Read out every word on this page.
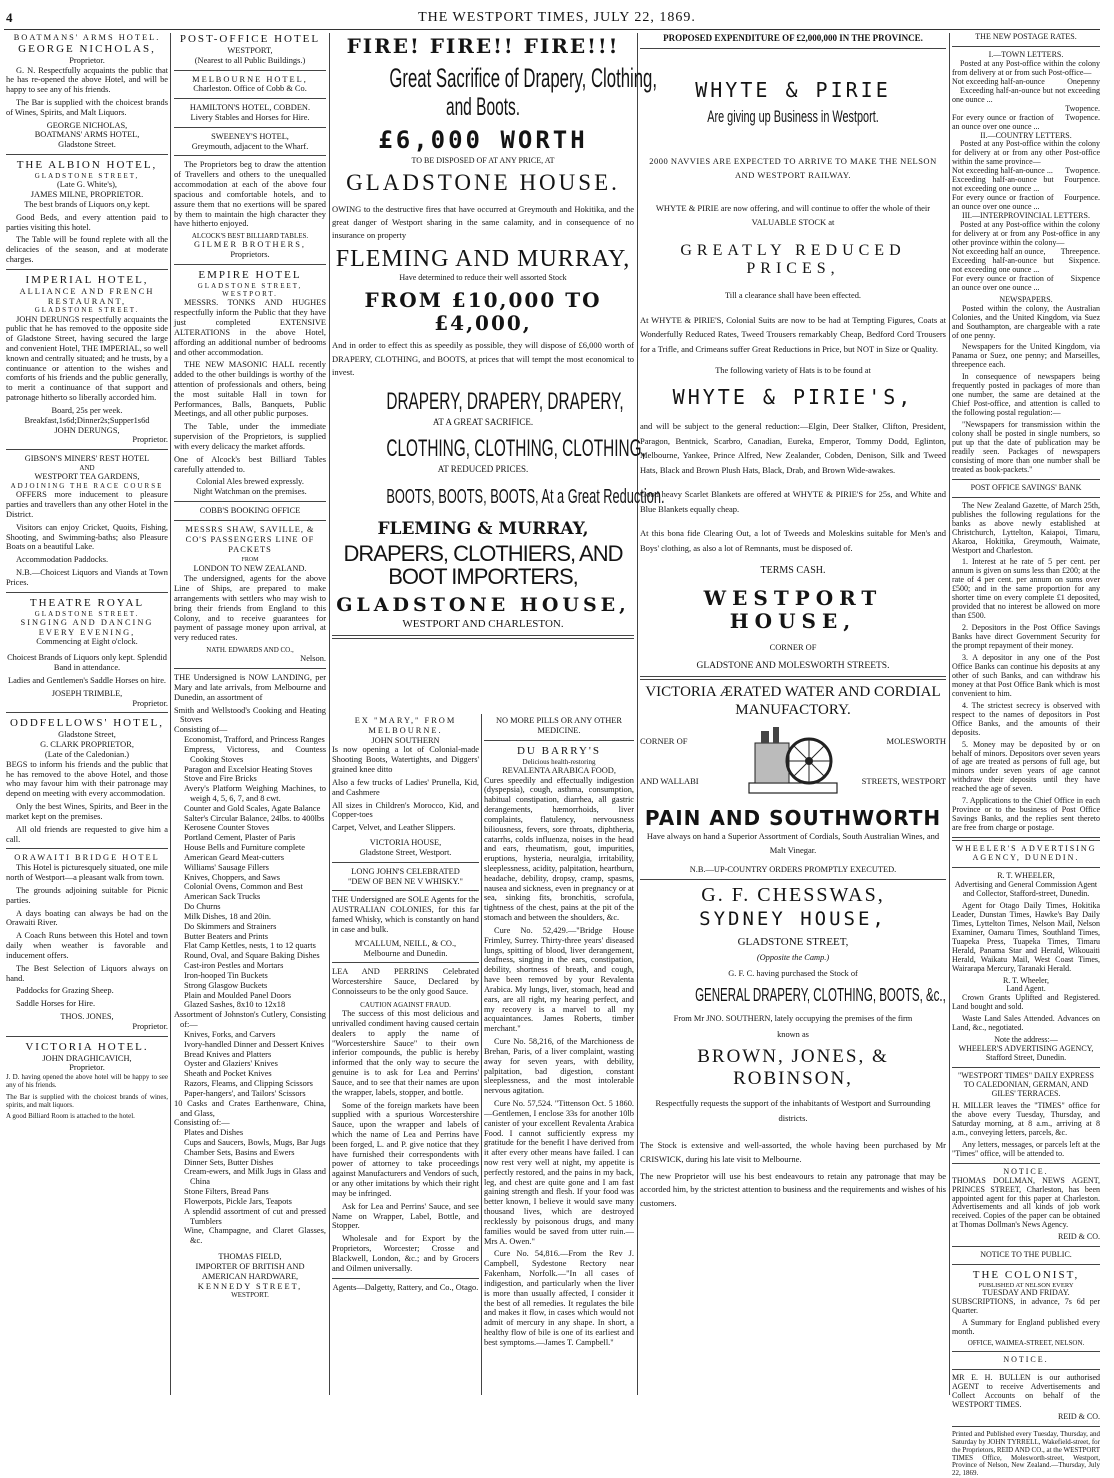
4	THE WESTPORT TIMES, JULY 22, 1869.
BOATMANS' ARMS HOTEL.
GEORGE NICHOLAS,
Proprietor.

G. N. Respectfully acquaints the public that he has re-opened the above Hotel, and will be happy to see any of his friends.

The Bar is supplied with the choicest brands of Wines, Spirits, and Malt Liquors.

GEORGE NICHOLAS,
BOATMANS' ARMS HOTEL,
Gladstone Street.
THE ALBION HOTEL,
GLADSTONE STREET,
(Late G. White's),
JAMES MILNE, PROPRIETOR.

The best brands of Liquors on,y kept.

Good Beds, and every attention paid to parties visiting this hotel.

The Table will be found replete with all the delicacies of the season, and at moderate charges.

IMPERIAL HOTEL,
ALLIANCE AND FRENCH
RESTAURANT,
GLADSTONE STREET.

JOHN DERUNGS respectfully acquaints the public that he has removed to the opposite side of Gladstone Street, having secured the large and convenient Hotel, THE IMPERIAL, so well known and centrally situated; and he trusts, by a continuance or attention to the wishes and comforts of his friends and the public generally, to merit a continuance of that support and patronage hitherto so liberally accorded him.

Board, 25s per week.
Breakfast,1s6d;Dinner2s;Supper1s6d
JOHN DERUNGS,
Proprietor.
GIBSON'S MINERS' REST HOTEL
AND
WESTPORT TEA GARDENS,
ADJOINING THE RACE COURSE

OFFERS more inducement to pleasure parties and travellers than any other Hotel in the District.

Visitors can enjoy Cricket, Quoits, Fishing, Shooting, and Swimming-baths; also Pleasure Boats on a beautiful Lake.

Accommodation Paddocks.

N.B.—Choicest Liquors and Viands at Town Prices.

THEATRE ROYAL
GLADSTONE STREET.
SINGING AND DANCING
EVERY EVENING,
Commencing at Eight o'clock.

Choicest Brands of Liquors only kept. Splendid Band in attendance.

Ladies and Gentlemen's Saddle Horses on hire.

JOSEPH TRIMBLE,
Proprietor.
ODDFELLOWS' HOTEL,
Gladstone Street,
G. CLARK PROPRIETOR,
(Late of the Caledonian.)

BEGS to inform his friends and the public that he has removed to the above Hotel, and those who may favour him with their patronage may depend on meeting with every accommodation.

Only the best Wines, Spirits, and Beer in the market kept on the premises.

All old friends are requested to give him a call.

ORAWAITI BRIDGE HOTEL

This Hotel is picturesquely situated, one mile north of Westport—a pleasant walk from town.

The grounds adjoining suitable for Picnic parties.

A days boating can always be had on the Orawaiti River.

A Coach Runs between this Hotel and town daily when weather is favorable and inducement offers.

The Best Selection of Liquors always on hand.

Paddocks for Grazing Sheep.

Saddle Horses for Hire.

THOS. JONES,
Proprietor.
VICTORIA HOTEL.
JOHN DRAGHICAVICH,
Proprietor.

J. D. having opened the above hotel will be happy to see any of his friends.

The Bar is supplied with the choicest brands of wines, spirits, and malt liquors.

A good Billiard Room is attached to the hotel.

POST-OFFICE HOTEL
WESTPORT,
(Nearest to all Public Buildings.)
MELBOURNE HOTEL,
Charleston. Office of Cobb & Co.
HAMILTON'S HOTEL, COBDEN.
Livery Stables and Horses for Hire.
SWEENEY'S HOTEL,
Greymouth, adjacent to the Wharf.

The Proprietors beg to draw the attention of Travellers and others to the unequalled accommodation at each of the above four spacious and comfortable hotels, and to assure them that no exertions will be spared by them to maintain the high character they have hitherto enjoyed.

ALCOCK'S BEST BILLIARD TABLES.
GILMER BROTHERS,
Proprietors.
EMPIRE HOTEL
GLADSTONE STREET,
WESTPORT.

MESSRS. TONKS AND HUGHES respectfully inform the Public that they have just completed EXTENSIVE ALTERATIONS in the above Hotel, affording an additional number of bedrooms and other accommodation.

THE NEW MASONIC HALL recently added to the other buildings is worthy of the attention of professionals and others, being the most suitable Hall in town for Performances, Balls, Banquets, Public Meetings, and all other public purposes.

The Table, under the immediate supervision of the Proprietors, is supplied with every delicacy the market affords.

One of Alcock's best Billiard Tables carefully attended to.

Colonial Ales brewed expressly.
Night Watchman on the premises.
COBB'S BOOKING OFFICE

MESSRS SHAW, SAVILLE, & CO'S PASSENGERS LINE OF PACKETS

FROM
LONDON TO NEW ZEALAND.

The undersigned, agents for the above Line of Ships, are prepared to make arrangements with settlers who may wish to bring their friends from England to this Colony, and to receive guarantees for payment of passage money upon arrival, at very reduced rates.

NATH. EDWARDS AND CO.,
Nelson.

THE Undersigned is NOW LANDING, per Mary and late arrivals, from Melbourne and Dunedin, an assortment of

Smith and Wellstood's Cooking and Heating Stoves
Consisting of—
Economist, Trafford, and Princess Ranges
Empress, Victoress, and Countess Cooking Stoves
Paragon and Excelsior Heating Stoves
Stove and Fire Bricks
Avery's Platform Weighing Machines, to weigh 4, 5, 6, 7, and 8 cwt.
Counter and Gold Scales, Agate Balance
Salter's Circular Balance, 24lbs. to 400lbs
Kerosene Counter Stoves
Portland Cement, Plaster of Paris
House Bells and Furniture complete
American Geard Meat-cutters
Williams' Sausage Fillers
Knives, Choppers, and Saws
Colonial Ovens, Common and Best
American Sack Trucks
Do Churns
Milk Dishes, 18 and 20in.
Do Skimmers and Strainers
Butter Beaters and Prints
Flat Camp Kettles, nests, 1 to 12 quarts
Round, Oval, and Square Baking Dishes
Cast-iron Pestles and Mortars
Iron-hooped Tin Buckets
Strong Glasgow Buckets
Plain and Moulded Panel Doors
Glazed Sashes, 8x10 to 12x18
Assortment of Johnston's Cutlery, Consisting of:—
Knives, Forks, and Carvers
Ivory-handled Dinner and Dessert Knives
Bread Knives and Platters
Oyster and Glaziers' Knives
Sheath and Pocket Knives
Razors, Fleams, and Clipping Scissors
Paper-hangers', and Tailors' Scissors
10 Casks and Crates Earthenware, China, and Glass,
Consisting of:—
Plates and Dishes
Cups and Saucers, Bowls, Mugs, Bar Jugs
Chamber Sets, Basins and Ewers
Dinner Sets, Butter Dishes
Cream-ewers, and Milk Jugs in Glass and China
Stone Filters, Bread Pans
Flowerpots, Pickle Jars, Teapots
A splendid assortment of cut and pressed Tumblers
Wine, Champagne, and Claret Glasses, &c.
THOMAS FIELD,
IMPORTER OF BRITISH AND AMERICAN HARDWARE,
KENNEDY STREET,
WESTPORT.
FIRE! FIRE!! FIRE!!!
Great Sacrifice of Drapery, Clothing,
and Boots.
£6,000 WORTH
TO BE DISPOSED OF AT ANY PRICE, AT
GLADSTONE HOUSE.

OWING to the destructive fires that have occurred at Greymouth and Hokitika, and the great danger of Westport sharing in the same calamity, and in consequence of no insurance on property

FLEMING AND MURRAY,
Have determined to reduce their well assorted Stock
FROM £10,000 TO £4,000,

And in order to effect this as speedily as possible, they will dispose of £6,000 worth of DRAPERY, CLOTHING, and BOOTS, at prices that will tempt the most economical to invest.

DRAPERY, DRAPERY, DRAPERY,
AT A GREAT SACRIFICE.
CLOTHING, CLOTHING, CLOTHING,
AT REDUCED PRICES.
BOOTS, BOOTS, BOOTS, At a Great Reduction.
FLEMING & MURRAY,
DRAPERS, CLOTHIERS, AND BOOT IMPORTERS,
GLADSTONE HOUSE,
WESTPORT AND CHARLESTON.
EX "MARY," FROM MELBOURNE.
JOHN SOUTHERN

Is now opening a lot of Colonial-made Shooting Boots, Watertights, and Diggers' grained knee ditto

Also a few trucks of Ladies' Prunella, Kid, and Cashmere

All sizes in Children's Morocco, Kid, and Copper-toes

Carpet, Velvet, and Leather Slippers.

VICTORIA HOUSE,
Gladstone Street, Westport.
LONG JOHN'S CELEBRATED
"DEW OF BEN NE V WHISKY."

THE Undersigned are SOLE Agents for the AUSTRALIAN COLONIES, for this far famed Whisky, which is constantly on hand in case and bulk.

M'CALLUM, NEILL, & CO.,
Melbourne and Dunedin.

LEA AND PERRINS Celebrated Worcestershire Sauce, Declared by Connoisseurs to be the only good Sauce.

CAUTION AGAINST FRAUD.

The success of this most delicious and unrivalled condiment having caused certain dealers to apply the name of "Worcestershire Sauce" to their own inferior compounds, the public is hereby informed that the only way to secure the genuine is to ask for Lea and Perrins' Sauce, and to see that their names are upon the wrapper, labels, stopper, and bottle.

Some of the foreign markets have been supplied with a spurious Worcestershire Sauce, upon the wrapper and labels of which the name of Lea and Perrins have been forged, L. and P. give notice that they have furnished their correspondents with power of attorney to take proceedings against Manufacturers and Vendors of such, or any other imitations by which their right may be infringed.

Ask for Lea and Perrins' Sauce, and see Name on Wrapper, Label, Bottle, and Stopper.

Wholesale and for Export by the Proprietors, Worcester; Crosse and Blackwell, London, &c.; and by Grocers and Oilmen universally.

Agents—Dalgetty, Rattery, and Co., Otago.

NO MORE PILLS OR ANY OTHER MEDICINE.
DU BARRY'S
Delicious health-restoring
REVALENTA ARABICA FOOD,

Cures speedily and effectually indigestion (dyspepsia), cough, asthma, consumption, habitual constipation, diarrhea, all gastric derangements, hæmorrhoids, liver complaints, flatulency, nervousness biliousness, fevers, sore throats, diphtheria, catarrhs, colds influenza, noises in the head and ears, rheumatism, gout, impurities, eruptions, hysteria, neuralgia, irritability, sleeplessness, acidity, palpitation, heartburn, headache, debility, dropsy, cramp, spasms, nausea and sickness, even in pregnancy or at sea, sinking fits, bronchitis, scrofula, tightness of the chest, pains at the pit of the stomach and between the shoulders, &c.

Cure No. 52,429.—"Bridge House Frimley, Surrey. Thirty-three years' diseased lungs, spitting of blood, liver derangement, deafness, singing in the ears, constipation, debility, shortness of breath, and cough, have been removed by your Revalenta Arabica. My lungs, liver, stomach, head and ears, are all right, my hearing perfect, and my recovery is a marvel to all my acquaintances. James Roberts, timber merchant."

Cure No. 58,216, of the Marchioness de Brehan, Paris, of a liver complaint, wasting away for seven years, with debility, palpitation, bad digestion, constant sleeplessness, and the most intolerable nervous agitation.

Cure No. 57,524. "Tittenson Oct. 5 1860.—Gentlemen, I enclose 33s for another 10lb canister of your excellent Revalenta Arabica Food. I cannot sufficiently express my gratitude for the benefit I have derived from it after every other means have failed. I can now rest very well at night, my appetite is perfectly restored, and the pains in my back, leg, and chest are quite gone and I am fast gaining strength and flesh. If your food was better known, I believe it would save many thousand lives, which are destroyed recklessly by poisonous drugs, and many families would be saved from utter ruin.—Mrs A. Owen."

Cure No. 54,816.—From the Rev J. Campbell, Sydestone Rectory near Fakenham, Norfolk.—"In all cases of indigestion, and particularly when the liver is more than usually affected, I consider it the best of all remedies. It regulates the bile and makes it flow, in cases which would not admit of mercury in any shape. In short, a healthy flow of bile is one of its earliest and best symptoms.—James T. Campbell."

PROPOSED EXPENDITURE OF £2,000,000 IN THE PROVINCE.
WHYTE & PIRIE
Are giving up Business in Westport.

2000 NAVVIES ARE EXPECTED TO ARRIVE TO MAKE THE NELSON AND WESTPORT RAILWAY.

WHYTE & PIRIE are now offering, and will continue to offer the whole of their VALUABLE STOCK at

GREATLY REDUCED PRICES,
Till a clearance shall have been effected.

At WHYTE & PIRIE'S, Colonial Suits are now to be had at Tempting Figures, Coats at Wonderfully Reduced Rates, Tweed Trousers remarkably Cheap, Bedford Cord Trousers for a Trifle, and Crimeans suffer Great Reductions in Price, but NOT in Size or Quality.

The following variety of Hats is to be found at
WHYTE & PIRIE'S,

and will be subject to the general reduction:—Elgin, Deer Stalker, Clifton, President, Paragon, Bentnick, Scarbro, Canadian, Eureka, Emperor, Tommy Dodd, Eglinton, Melbourne, Yankee, Prince Alfred, New Zealander, Cobden, Denison, Silk and Tweed Hats, Black and Brown Plush Hats, Black, Drab, and Brown Wide-awakes.

Good heavy Scarlet Blankets are offered at WHYTE & PIRIE'S for 25s, and White and Blue Blankets equally cheap.

At this bona fide Clearing Out, a lot of Tweeds and Moleskins suitable for Men's and Boys' clothing, as also a lot of Remnants, must be disposed of.

TERMS CASH.
WESTPORT HOUSE,
CORNER OF
GLADSTONE AND MOLESWORTH STREETS.
VICTORIA ÆRATED WATER AND CORDIAL MANUFACTORY.
CORNER OF
AND WALLABI
MOLESWORTH
STREETS, WESTPORT
PAIN AND SOUTHWORTH

Have always on hand a Superior Assortment of Cordials, South Australian Wines, and Malt Vinegar.

N.B.—UP-COUNTRY ORDERS PROMPTLY EXECUTED.
G. F. CHESSWAS,
SYDNEY HOUSE,
GLADSTONE STREET,
(Opposite the Camp.)
G. F. C. having purchased the Stock of
GENERAL DRAPERY, CLOTHING, BOOTS, &c.,
From Mr JNO. SOUTHERN, lately occupying the premises of the firm
known as
BROWN, JONES, & ROBINSON,

Respectfully requests the support of the inhabitants of Westport and Surrounding districts.

The Stock is extensive and well-assorted, the whole having been purchased by Mr CRISWICK, during his late visit to Melbourne.

The new Proprietor will use his best endeavours to retain any patronage that may be accorded him, by the strictest attention to business and the requirements and wishes of his customers.

THE NEW POSTAGE RATES.
I.—TOWN LETTERS.	
Posted at any Post-office within the colony from delivery at or from such Post-office—	
Not exceeding half-an-ounce	Onepenny
Exceeding half-an-ounce but not exceeding one ounce ...	
	Twopence.
For every ounce or fraction of an ounce over one ounce ...	Twopence.
II.—COUNTRY LETTERS.	
Posted at any Post-office within the colony for delivery at or from any other Post-office within the same province—	
Not exceeding half-an-ounce ...	Twopence.
Exceeding half-an-ounce but not exceeding one ounce ...	Fourpence.
For every ounce or fraction of an ounce over one ounce ...	Fourpence.
III.—INTERPROVINCIAL LETTERS.	
Posted at any Post-office within the colony for delivery at or from any Post-office in any other province within the colony—	
Not exceeding half an ounce,	Threepence.
Exceeding half-an-ounce but not exceeding one ounce ...	Sixpence.
For every ounce or fraction of an ounce over one ounce ...	Sixpence
NEWSPAPERS.

Posted within the colony, the Australian Colonies, and the United Kingdom, via Suez and Southampton, are chargeable with a rate of one penny.

Newspapers for the United Kingdom, via Panama or Suez, one penny; and Marseilles, threepence each.

In consequence of newspapers being frequently posted in packages of more than one number, the same are detained at the Chief Post-office, and attention is called to the following postal regulation:—

"Newspapers for transmission within the colony shall be posted in single numbers, so put up that the date of publication may be readily seen. Packages of newspapers consisting of more than one number shall be treated as book-packets."

POST OFFICE SAVINGS' BANK

The New Zealand Gazette, of March 25th, publishes the following regulations for the banks as above newly established at Christchurch, Lyttelton, Kaiapoi, Timaru, Akaroa, Hokitika, Greymouth, Waimate, Westport and Charleston.

1. Interest at he rate of 5 per cent. per annum is given on sums less than £200; at the rate of 4 per cent. per annum on sums over £500; and in the same proportion for any shorter time on every complete £1 deposited, provided that no interest be allowed on more than £500.

2. Depositors in the Post Office Savings Banks have direct Government Security for the prompt repayment of their money.

3. A depositor in any one of the Post Office Banks can continue his deposits at any other of such Banks, and can withdraw his money at that Post Office Bank which is most convenient to him.

4. The strictest secrecy is observed with respect to the names of depositors in Post Office Banks, and the amounts of their deposits.

5. Money may be deposited by or on behalf of minors. Depositors over seven years of age are treated as persons of full age, but minors under seven years of age cannot withdraw their deposits until they have reached the age of seven.

7. Applications to the Chief Office in each Province or to the business of Post Office Savings Banks, and the replies sent thereto are free from charge or postage.

WHEELER'S ADVERTISING AGENCY, DUNEDIN.
R. T. WHEELER,

Advertising and General Commission Agent and Collector, Stafford-street, Dunedin.

Agent for Otago Daily Times, Hokitika Leader, Dunstan Times, Hawke's Bay Daily Times, Lyttelton Times, Nelson Mail, Nelson Examiner, Oamaru Times, Southland Times, Tuapeka Press, Tuapeka Times, Timaru Herald, Panama Star and Herald, Wikouaiti Herald, Waikatu Mail, West Coast Times, Wairarapa Mercury, Taranaki Herald.

R. T. Wheeler,
Land Agent.

Crown Grants Uplifted and Registered. Land bought and sold.

Waste Land Sales Attended. Advances on Land, &c., negotiated.

Note the address:—
WHEELER'S ADVERTISING AGENCY,
Stafford Street, Dunedin.

"WESTPORT TIMES" DAILY EXPRESS TO CALEDONIAN, GERMAN, AND GILES' TERRACES.

H. MILLER leaves the "TIMES" office for the above every Tuesday, Thursday, and Saturday morning, at 8 a.m., arriving at 8 a.m., conveying letters, parcels, &c.

Any letters, messages, or parcels left at the "Times" office, will be attended to.

NOTICE.

THOMAS DOLLMAN, NEWS AGENT, PRINCES STREET, Charleston, has been appointed agent for this paper at Charleston. Advertisements and all kinds of job work received. Copies of the paper can be obtained at Thomas Dollman's News Agency.

REID & CO.
NOTICE TO THE PUBLIC.
THE COLONIST,
PUBLISHED AT NELSON EVERY
TUESDAY AND FRIDAY.

SUBSCRIPTIONS, in advance, 7s 6d per Quarter.

A Summary for England published every month.

OFFICE, WAIMEA-STREET, NELSON.
NOTICE.

MR E. H. BULLEN is our authorised AGENT to receive Advertisements and Collect Accounts on behalf of the WESTPORT TIMES.

REID & CO.

Printed and Published every Tuesday, Thursday, and Saturday by JOHN TYRRELL, Wakefield-street, for the Proprietors, REID AND CO., at the WESTPORT TIMES Office, Molesworth-street, Westport, Province of Nelson, New Zealand.—Thursday, July 22, 1869.
